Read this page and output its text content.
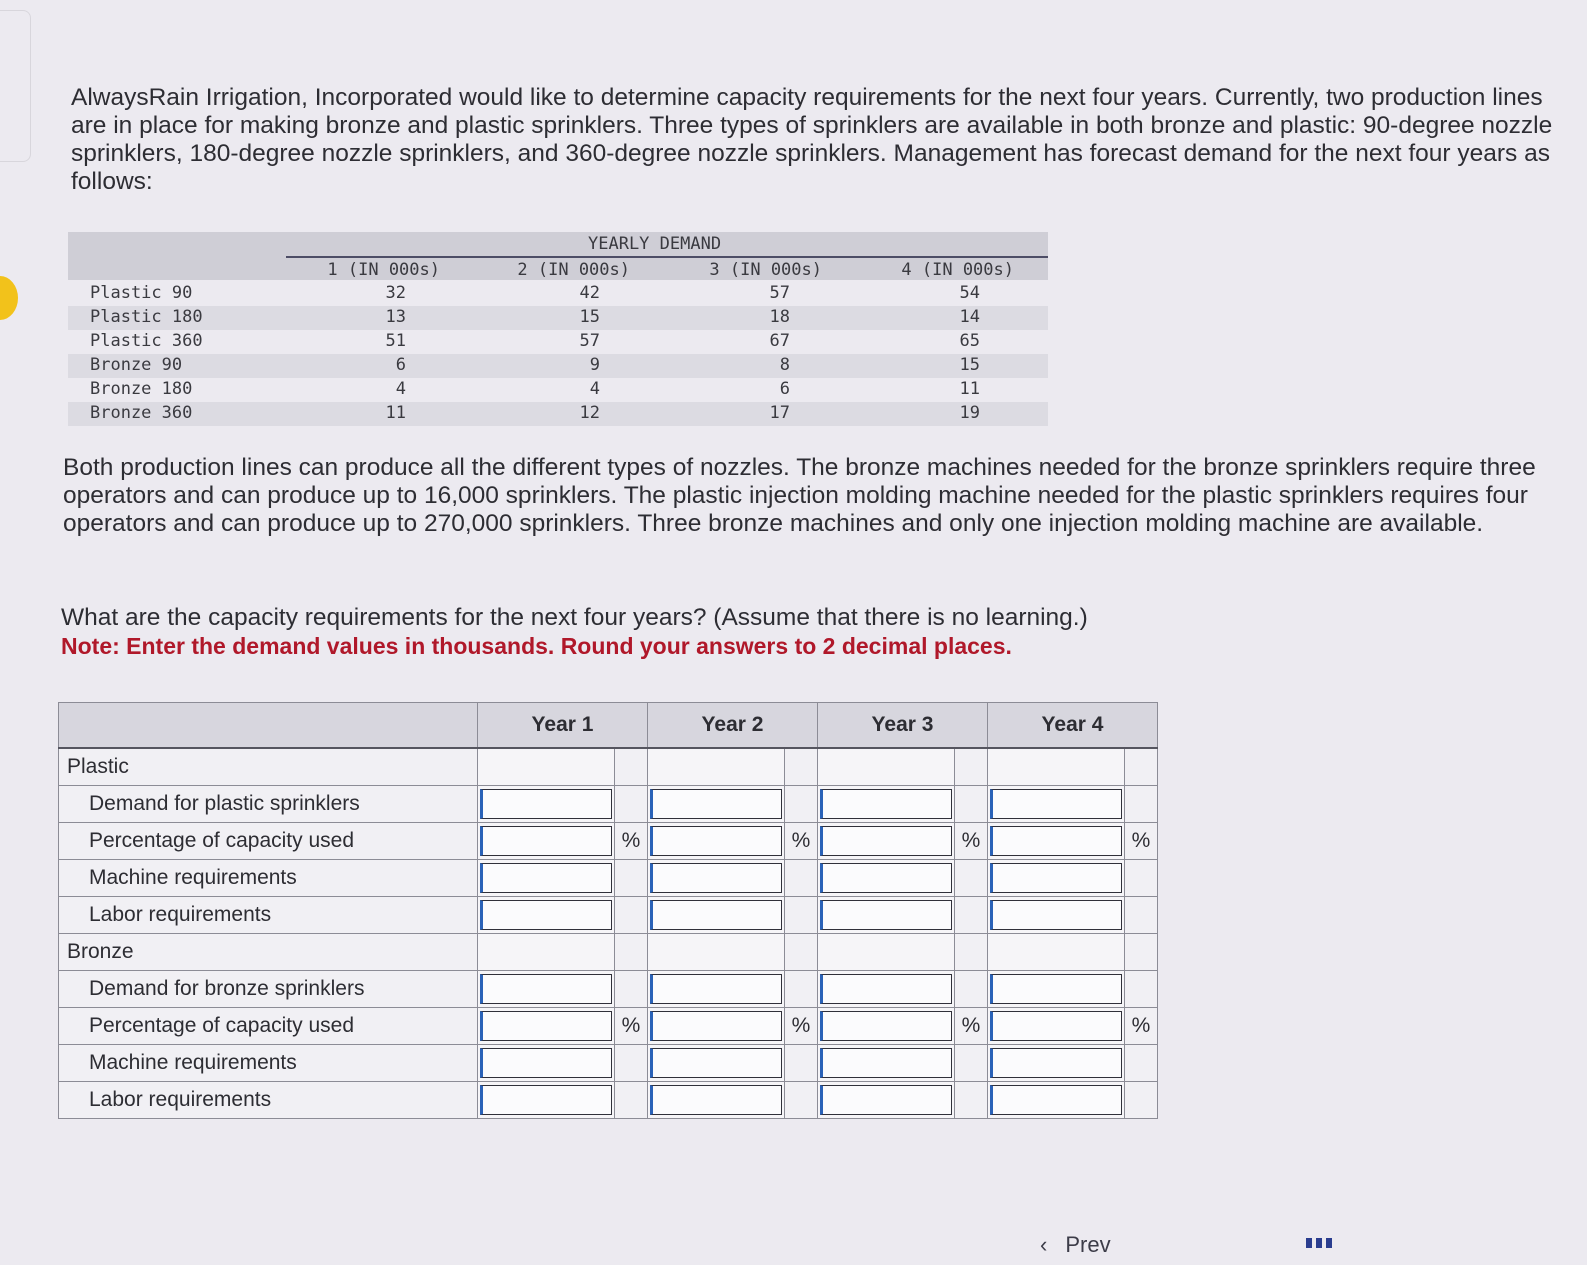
AlwaysRain Irrigation, Incorporated would like to determine capacity requirements for the next four years. Currently, two production lines are in place for making bronze and plastic sprinklers. Three types of sprinklers are available in both bronze and plastic: 90-degree nozzle sprinklers, 180-degree nozzle sprinklers, and 360-degree nozzle sprinklers. Management has forecast demand for the next four years as follows:
YEARLY DEMAND
1 (IN 000s)	2 (IN 000s)	3 (IN 000s)	4 (IN 000s)
Plastic 90	32	42	57	54
Plastic 180	13	15	18	14
Plastic 360	51	57	67	65
Bronze 90	6	9	8	15
Bronze 180	4	4	6	11
Bronze 360	11	12	17	19
Both production lines can produce all the different types of nozzles. The bronze machines needed for the bronze sprinklers require three operators and can produce up to 16,000 sprinklers. The plastic injection molding machine needed for the plastic sprinklers requires four operators and can produce up to 270,000 sprinklers. Three bronze machines and only one injection molding machine are available.
What are the capacity requirements for the next four years? (Assume that there is no learning.)
Note: Enter the demand values in thousands. Round your answers to 2 decimal places.
	Year 1		Year 2		Year 3		Year 4	
Plastic								
Demand for plastic sprinklers	

Percentage of capacity used		%		%		%		%
Machine requirements	

Labor requirements	

Bronze								
Demand for bronze sprinklers	

Percentage of capacity used		%		%		%		%
Machine requirements	

Labor requirements	

‹ Prev
